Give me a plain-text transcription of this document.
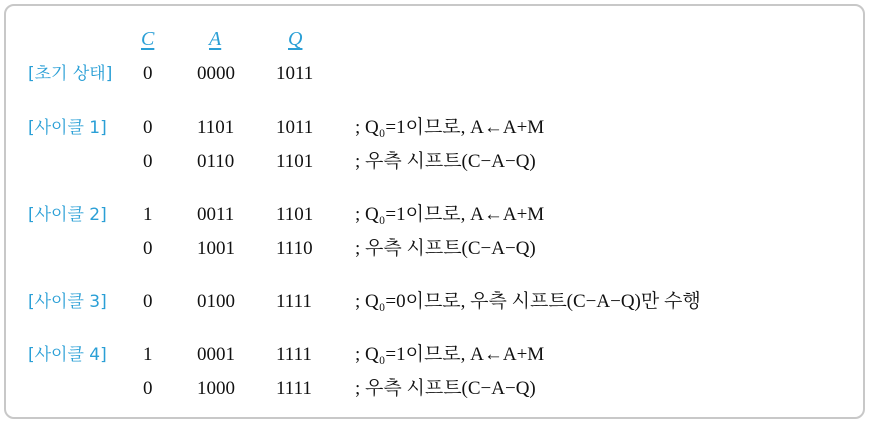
C	A	Q
[초기 상태] 0 0000 1011
[사이클 1] 0 1101 1011 ; Q₀=1이므로, A←A+M
0 0110 1101 ; 우측 시프트(C−A−Q)
[사이클 2] 1 0011 1101 ; Q₀=1이므로, A←A+M
0 1001 1110 ; 우측 시프트(C−A−Q)
[사이클 3] 0 0100 1111 ; Q₀=0이므로, 우측 시프트(C−A−Q)만 수행
[사이클 4] 1 0001 1111 ; Q₀=1이므로, A←A+M
0 1000 1111 ; 우측 시프트(C−A−Q)
